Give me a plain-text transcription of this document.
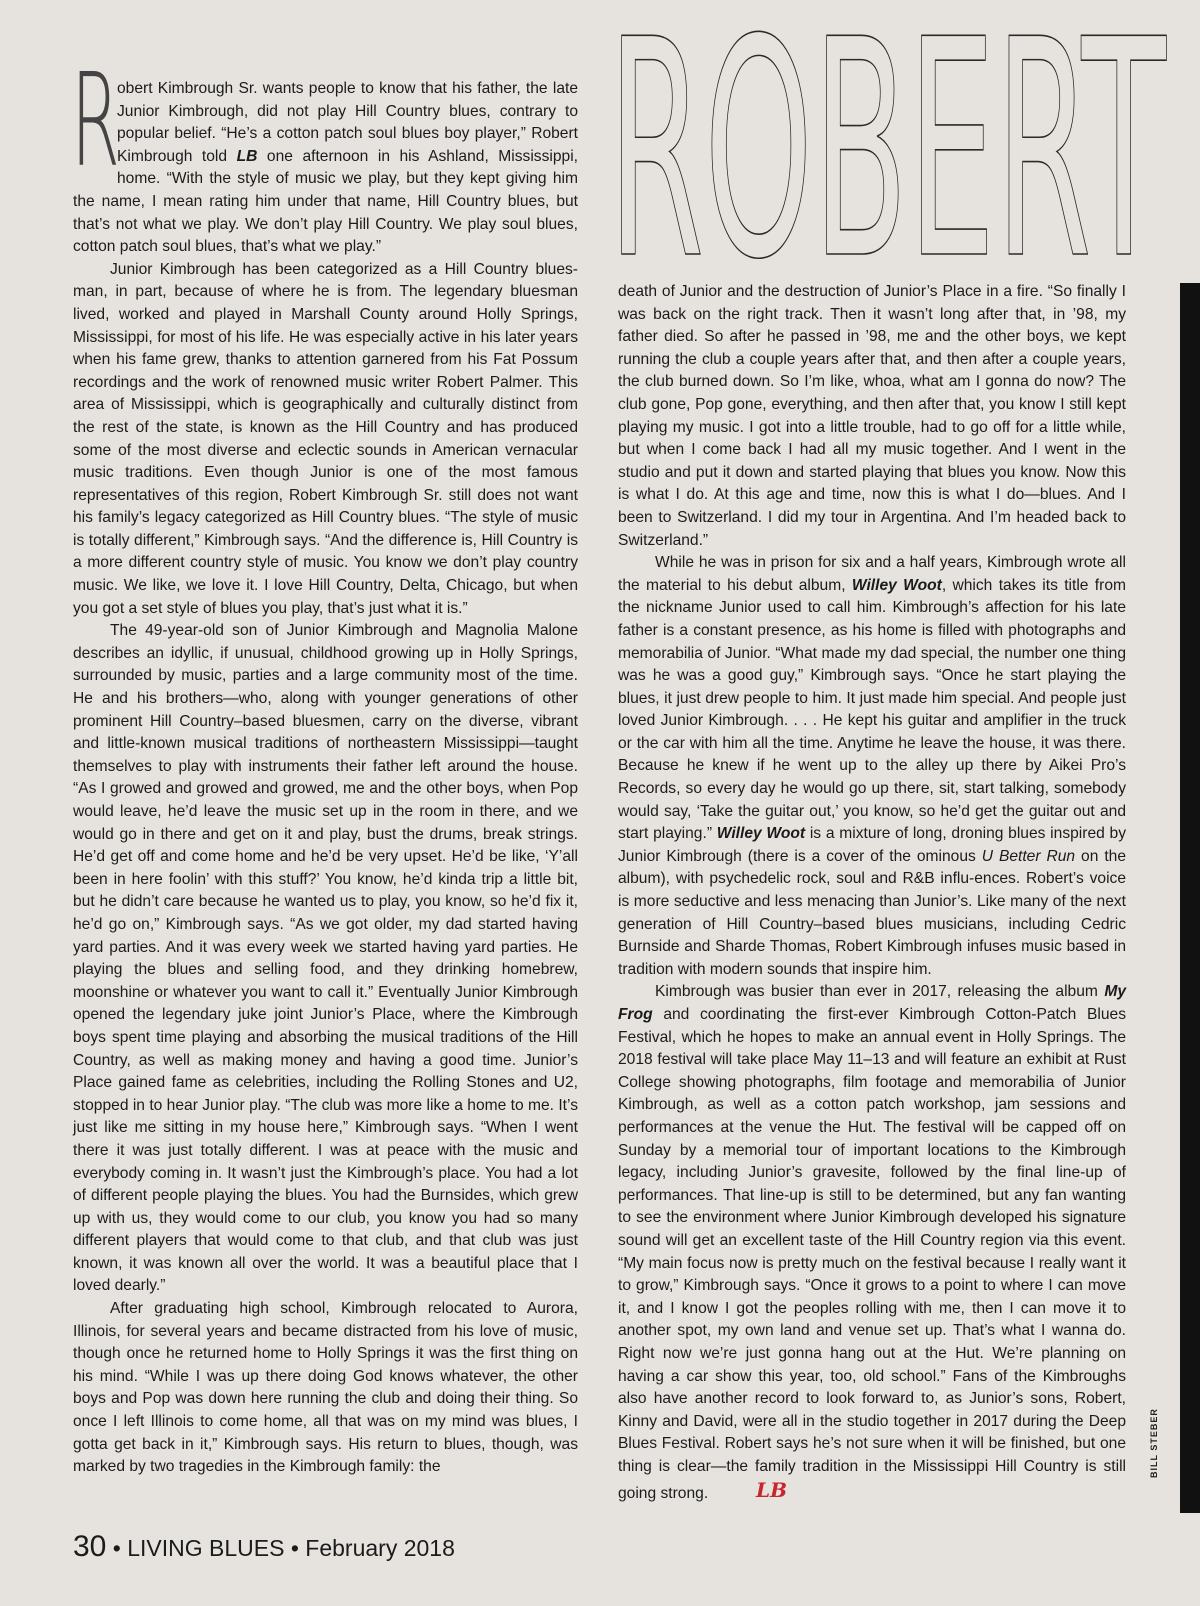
ROBERT
R

obert Kimbrough Sr. wants people to know that his father, the late Junior Kimbrough, did not play Hill Country blues, contrary to popular belief. “He’s a cotton patch soul blues boy player,” Robert Kimbrough told LB one afternoon in his Ashland, Mississippi, home. “With the style of music we play, but they kept giving him the name, I mean rating him under that name, Hill Country blues, but that’s not what we play. We don’t play Hill Country. We play soul blues, cotton patch soul blues, that’s what we play.”

Junior Kimbrough has been categorized as a Hill Country blues-man, in part, because of where he is from. The legendary bluesman lived, worked and played in Marshall County around Holly Springs, Mississippi, for most of his life. He was especially active in his later years when his fame grew, thanks to attention garnered from his Fat Possum recordings and the work of renowned music writer Robert Palmer. This area of Mississippi, which is geographically and culturally distinct from the rest of the state, is known as the Hill Country and has produced some of the most diverse and eclectic sounds in American vernacular music traditions. Even though Junior is one of the most famous representatives of this region, Robert Kimbrough Sr. still does not want his family’s legacy categorized as Hill Country blues. “The style of music is totally different,” Kimbrough says. “And the difference is, Hill Country is a more different country style of music. You know we don’t play country music. We like, we love it. I love Hill Country, Delta, Chicago, but when you got a set style of blues you play, that’s just what it is.”

The 49-year-old son of Junior Kimbrough and Magnolia Malone describes an idyllic, if unusual, childhood growing up in Holly Springs, surrounded by music, parties and a large community most of the time. He and his brothers—who, along with younger generations of other prominent Hill Country–based bluesmen, carry on the diverse, vibrant and little-known musical traditions of northeastern Mississippi—taught themselves to play with instruments their father left around the house. “As I growed and growed and growed, me and the other boys, when Pop would leave, he’d leave the music set up in the room in there, and we would go in there and get on it and play, bust the drums, break strings. He’d get off and come home and he’d be very upset. He’d be like, ‘Y’all been in here foolin’ with this stuff?’ You know, he’d kinda trip a little bit, but he didn’t care because he wanted us to play, you know, so he’d fix it, he’d go on,” Kimbrough says. “As we got older, my dad started having yard parties. And it was every week we started having yard parties. He playing the blues and selling food, and they drinking homebrew, moonshine or whatever you want to call it.” Eventually Junior Kimbrough opened the legendary juke joint Junior’s Place, where the Kimbrough boys spent time playing and absorbing the musical traditions of the Hill Country, as well as making money and having a good time. Junior’s Place gained fame as celebrities, including the Rolling Stones and U2, stopped in to hear Junior play. “The club was more like a home to me. It’s just like me sitting in my house here,” Kimbrough says. “When I went there it was just totally different. I was at peace with the music and everybody coming in. It wasn’t just the Kimbrough’s place. You had a lot of different people playing the blues. You had the Burnsides, which grew up with us, they would come to our club, you know you had so many different players that would come to that club, and that club was just known, it was known all over the world. It was a beautiful place that I loved dearly.”

After graduating high school, Kimbrough relocated to Aurora, Illinois, for several years and became distracted from his love of music, though once he returned home to Holly Springs it was the first thing on his mind. “While I was up there doing God knows whatever, the other boys and Pop was down here running the club and doing their thing. So once I left Illinois to come home, all that was on my mind was blues, I gotta get back in it,” Kimbrough says. His return to blues, though, was marked by two tragedies in the Kimbrough family: the

death of Junior and the destruction of Junior’s Place in a fire. “So finally I was back on the right track. Then it wasn’t long after that, in ’98, my father died. So after he passed in ’98, me and the other boys, we kept running the club a couple years after that, and then after a couple years, the club burned down. So I’m like, whoa, what am I gonna do now? The club gone, Pop gone, everything, and then after that, you know I still kept playing my music. I got into a little trouble, had to go off for a little while, but when I come back I had all my music together. And I went in the studio and put it down and started playing that blues you know. Now this is what I do. At this age and time, now this is what I do—blues. And I been to Switzerland. I did my tour in Argentina. And I’m headed back to Switzerland.”

While he was in prison for six and a half years, Kimbrough wrote all the material to his debut album, Willey Woot, which takes its title from the nickname Junior used to call him. Kimbrough’s affection for his late father is a constant presence, as his home is filled with photographs and memorabilia of Junior. “What made my dad special, the number one thing was he was a good guy,” Kimbrough says. “Once he start playing the blues, it just drew people to him. It just made him special. And people just loved Junior Kimbrough. . . . He kept his guitar and amplifier in the truck or the car with him all the time. Anytime he leave the house, it was there. Because he knew if he went up to the alley up there by Aikei Pro’s Records, so every day he would go up there, sit, start talking, somebody would say, ‘Take the guitar out,’ you know, so he’d get the guitar out and start playing.” Willey Woot is a mixture of long, droning blues inspired by Junior Kimbrough (there is a cover of the ominous U Better Run on the album), with psychedelic rock, soul and R&B influ-ences. Robert’s voice is more seductive and less menacing than Junior’s. Like many of the next generation of Hill Country–based blues musicians, including Cedric Burnside and Sharde Thomas, Robert Kimbrough infuses music based in tradition with modern sounds that inspire him.

Kimbrough was busier than ever in 2017, releasing the album My Frog and coordinating the first-ever Kimbrough Cotton-Patch Blues Festival, which he hopes to make an annual event in Holly Springs. The 2018 festival will take place May 11–13 and will feature an exhibit at Rust College showing photographs, film footage and memorabilia of Junior Kimbrough, as well as a cotton patch workshop, jam sessions and performances at the venue the Hut. The festival will be capped off on Sunday by a memorial tour of important locations to the Kimbrough legacy, including Junior’s gravesite, followed by the final line-up of performances. That line-up is still to be determined, but any fan wanting to see the environment where Junior Kimbrough developed his signature sound will get an excellent taste of the Hill Country region via this event. “My main focus now is pretty much on the festival because I really want it to grow,” Kimbrough says. “Once it grows to a point to where I can move it, and I know I got the peoples rolling with me, then I can move it to another spot, my own land and venue set up. That’s what I wanna do. Right now we’re just gonna hang out at the Hut. We’re planning on having a car show this year, too, old school.” Fans of the Kimbroughs also have another record to look forward to, as Junior’s sons, Robert, Kinny and David, were all in the studio together in 2017 during the Deep Blues Festival. Robert says he’s not sure when it will be finished, but one thing is clear—the family tradition in the Mississippi Hill Country is still going strong. LB

BILL STEBER
30 • LIVING BLUES • February 2018
